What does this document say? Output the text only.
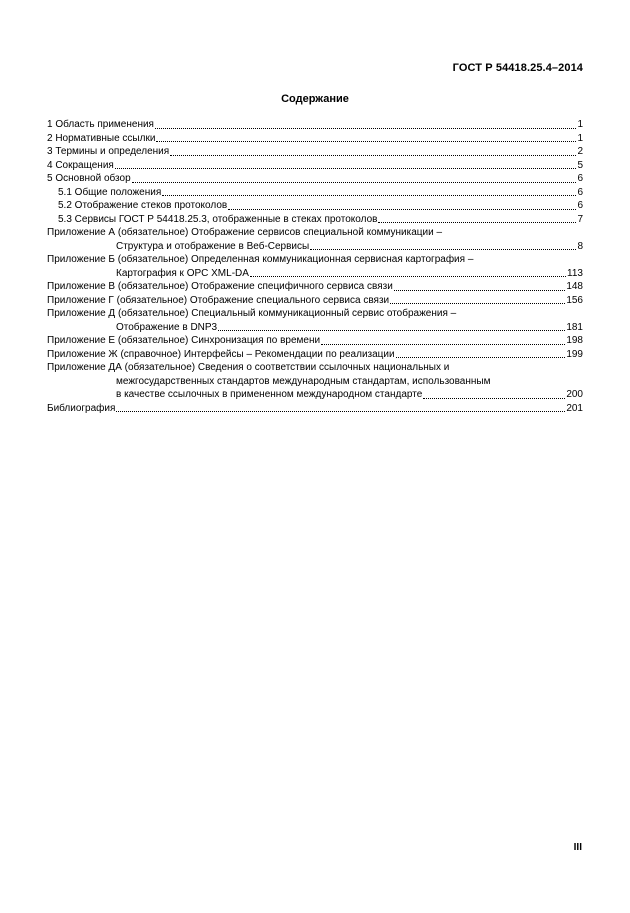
ГОСТ Р 54418.25.4–2014
Содержание
1 Область применения	1
2 Нормативные ссылки	1
3 Термины и определения	2
4 Сокращения	5
5 Основной обзор	6
5.1 Общие положения	6
5.2 Отображение стеков протоколов	6
5.3 Сервисы ГОСТ Р 54418.25.3, отображенные в стеках протоколов	7
Приложение А (обязательное) Отображение сервисов специальной коммуникации –
Структура и отображение в Веб-Сервисы	8
Приложение Б (обязательное) Определенная коммуникационная сервисная картография –
Картография к OPC XML-DA	113
Приложение В (обязательное) Отображение специфичного сервиса связи	148
Приложение Г (обязательное) Отображение специального сервиса связи	156
Приложение Д (обязательное) Специальный коммуникационный сервис отображения –
Отображение в DNP3	181
Приложение Е (обязательное) Синхронизация по времени	198
Приложение Ж (справочное) Интерфейсы – Рекомендации по реализации	199
Приложение ДА (обязательное) Сведения о соответствии ссылочных национальных и
межгосударственных стандартов международным стандартам, использованным
в качестве ссылочных в примененном международном стандарте	200
Библиография	201
III
